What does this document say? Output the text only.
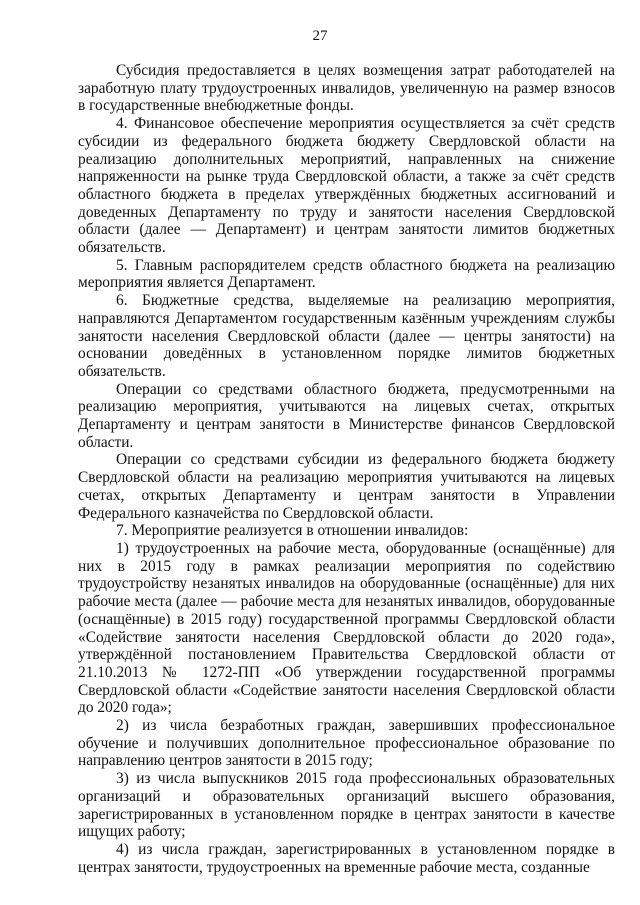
27

Субсидия предоставляется в целях возмещения затрат работодателей на заработную плату трудоустроенных инвалидов, увеличенную на размер взносов в государственные внебюджетные фонды.

4. Финансовое обеспечение мероприятия осуществляется за счёт средств субсидии из федерального бюджета бюджету Свердловской области на реализацию дополнительных мероприятий, направленных на снижение напряженности на рынке труда Свердловской области, а также за счёт средств областного бюджета в пределах утверждённых бюджетных ассигнований и доведенных Департаменту по труду и занятости населения Свердловской области (далее — Департамент) и центрам занятости лимитов бюджетных обязательств.

5. Главным распорядителем средств областного бюджета на реализацию мероприятия является Департамент.

6. Бюджетные средства, выделяемые на реализацию мероприятия, направляются Департаментом государственным казённым учреждениям службы занятости населения Свердловской области (далее — центры занятости) на основании доведённых в установленном порядке лимитов бюджетных обязательств.

Операции со средствами областного бюджета, предусмотренными на реализацию мероприятия, учитываются на лицевых счетах, открытых Департаменту и центрам занятости в Министерстве финансов Свердловской области.

Операции со средствами субсидии из федерального бюджета бюджету Свердловской области на реализацию мероприятия учитываются на лицевых счетах, открытых Департаменту и центрам занятости в Управлении Федерального казначейства по Свердловской области.

7. Мероприятие реализуется в отношении инвалидов:

1) трудоустроенных на рабочие места, оборудованные (оснащённые) для них в 2015 году в рамках реализации мероприятия по содействию трудоустройству незанятых инвалидов на оборудованные (оснащённые) для них рабочие места (далее — рабочие места для незанятых инвалидов, оборудованные (оснащённые) в 2015 году) государственной программы Свердловской области «Содействие занятости населения Свердловской области до 2020 года», утверждённой постановлением Правительства Свердловской области от 21.10.2013 № 1272-ПП «Об утверждении государственной программы Свердловской области «Содействие занятости населения Свердловской области до 2020 года»;

2) из числа безработных граждан, завершивших профессиональное обучение и получивших дополнительное профессиональное образование по направлению центров занятости в 2015 году;

3) из числа выпускников 2015 года профессиональных образовательных организаций и образовательных организаций высшего образования, зарегистрированных в установленном порядке в центрах занятости в качестве ищущих работу;

4) из числа граждан, зарегистрированных в установленном порядке в центрах занятости, трудоустроенных на временные рабочие места, созданные
